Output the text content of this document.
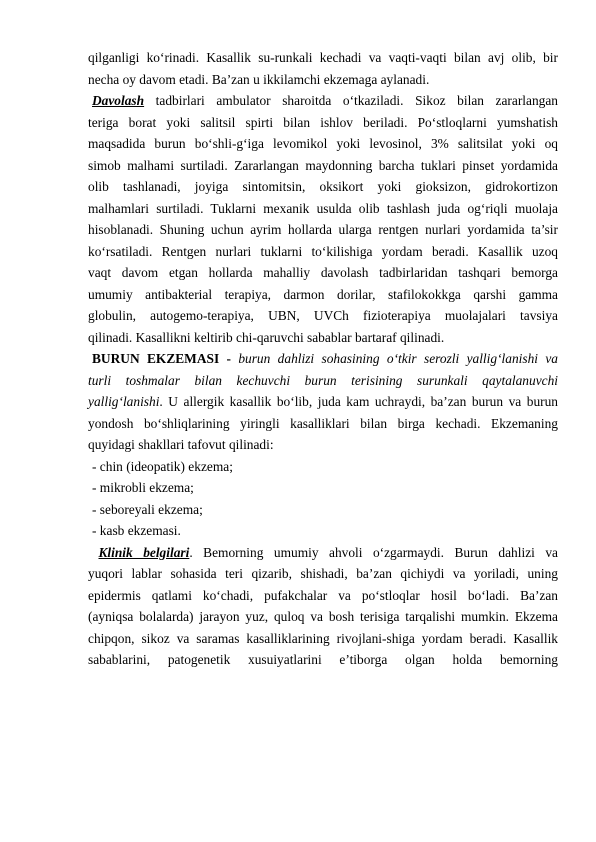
qilganligi ko‘rinadi. Kasallik su-runkali kechadi va vaqti-vaqti bilan avj olib, bir

necha oy davom etadi. Ba’zan u ikkilamchi ekzemaga aylanadi.

Davolash tadbirlari ambulator sharoitda o‘tkaziladi. Sikoz bilan zararlangan

teriga borat yoki salitsil spirti bilan ishlov beriladi. Po‘stloqlarni yumshatish

maqsadida burun bo‘shli-g‘iga levomikol yoki levosinol, 3% salitsilat yoki oq

simob malhami surtiladi. Zararlangan maydonning barcha tuklari pinset yordamida

olib tashlanadi, joyiga sintomitsin, oksikort yoki gioksizon, gidrokortizon

malhamlari surtiladi. Tuklarni mexanik usulda olib tashlash juda og‘riqli muolaja

hisoblanadi. Shuning uchun ayrim hollarda ularga rentgen nurlari yordamida ta’sir

ko‘rsatiladi. Rentgen nurlari tuklarni to‘kilishiga yordam beradi. Kasallik uzoq

vaqt davom etgan hollarda mahalliy davolash tadbirlaridan tashqari bemorga

umumiy antibakterial terapiya, darmon dorilar, stafilokokkga qarshi gamma

globulin, autogemo-terapiya, UBN, UVCh fizioterapiya muolajalari tavsiya

qilinadi. Kasallikni keltirib chi-qaruvchi sabablar bartaraf qilinadi.

BURUN EKZEMASI - burun dahlizi sohasining o‘tkir serozli yallig‘lanishi va

turli toshmalar bilan kechuvchi burun terisining surunkali qaytalanuvchi

yallig‘lanishi. U allergik kasallik bo‘lib, juda kam uchraydi, ba’zan burun va burun

yondosh bo‘shliqlarining yiringli kasalliklari bilan birga kechadi. Ekzemaning

quyidagi shakllari tafovut qilinadi:

- chin (ideopatik) ekzema;

- mikrobli ekzema;

- seboreyali ekzema;

- kasb ekzemasi.

Klinik belgilari. Bemorning umumiy ahvoli o‘zgarmaydi. Burun dahlizi va

yuqori lablar sohasida teri qizarib, shishadi, ba’zan qichiydi va yoriladi, uning

epidermis qatlami ko‘chadi, pufakchalar va po‘stloqlar hosil bo‘ladi. Ba’zan

(ayniqsa bolalarda) jarayon yuz, quloq va bosh terisiga tarqalishi mumkin. Ekzema

chipqon, sikoz va saramas kasalliklarining rivojlani-shiga yordam beradi. Kasallik

sabablarini, patogenetik xusuiyatlarini e’tiborga olgan holda bemorning
